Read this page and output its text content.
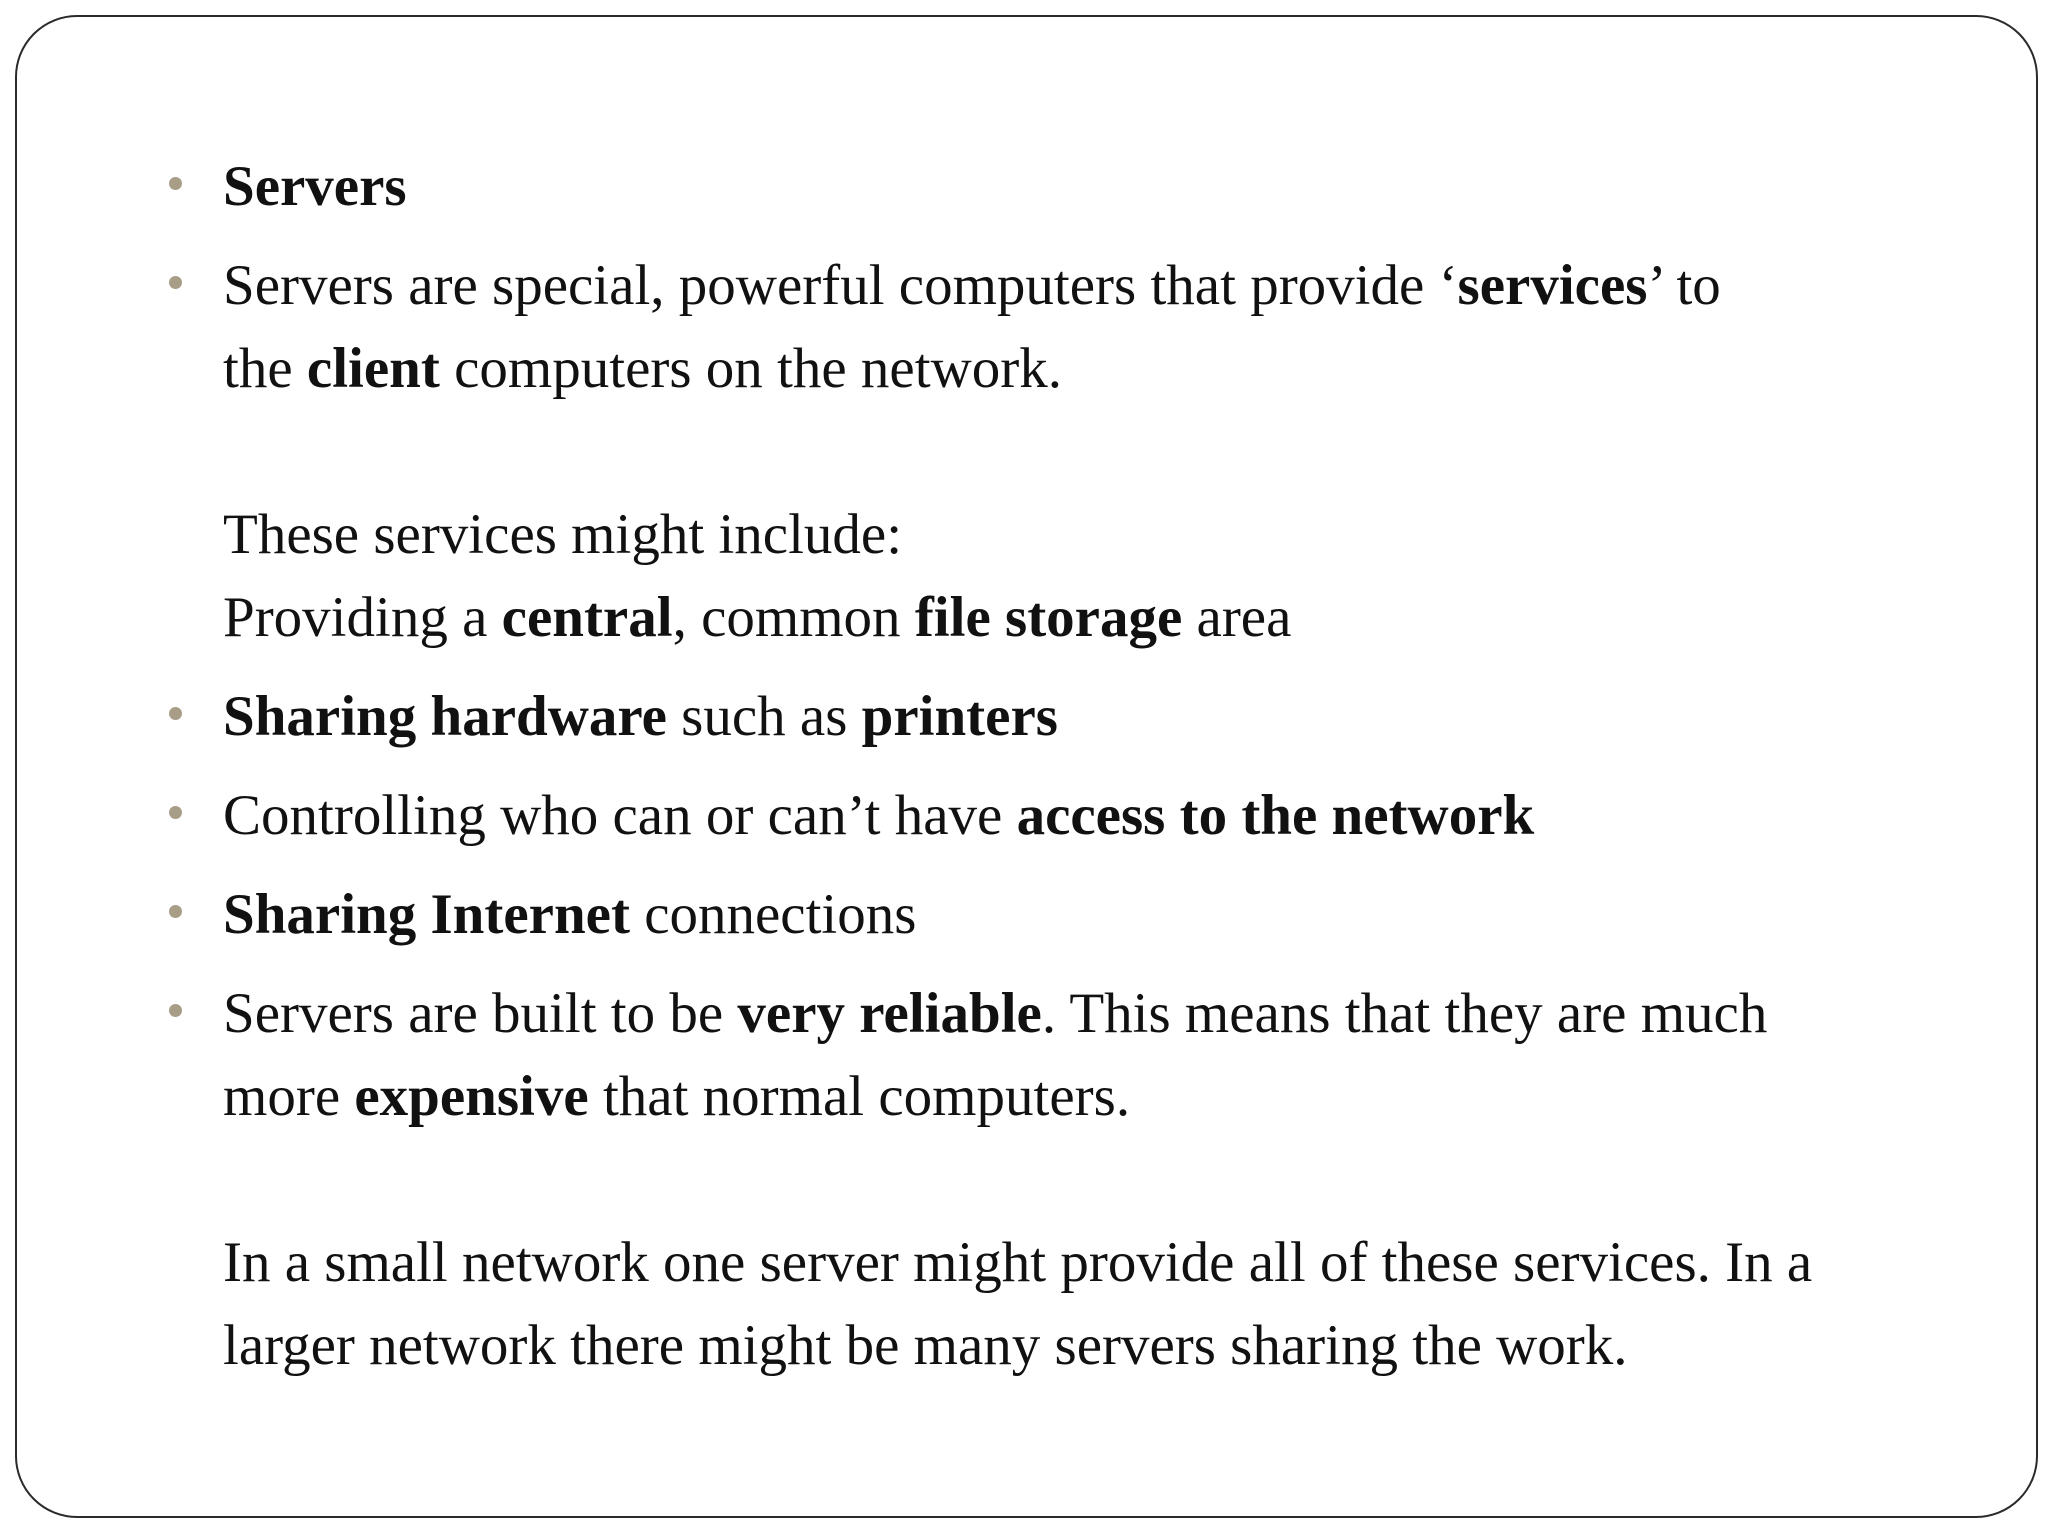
Servers
Servers are special, powerful computers that provide ‘services’ to
the client computers on the network.
These services might include:
Providing a central, common file storage area
Sharing hardware such as printers
Controlling who can or can’t have access to the network
Sharing Internet connections
Servers are built to be very reliable. This means that they are much
more expensive that normal computers.
In a small network one server might provide all of these services. In a
larger network there might be many servers sharing the work.
